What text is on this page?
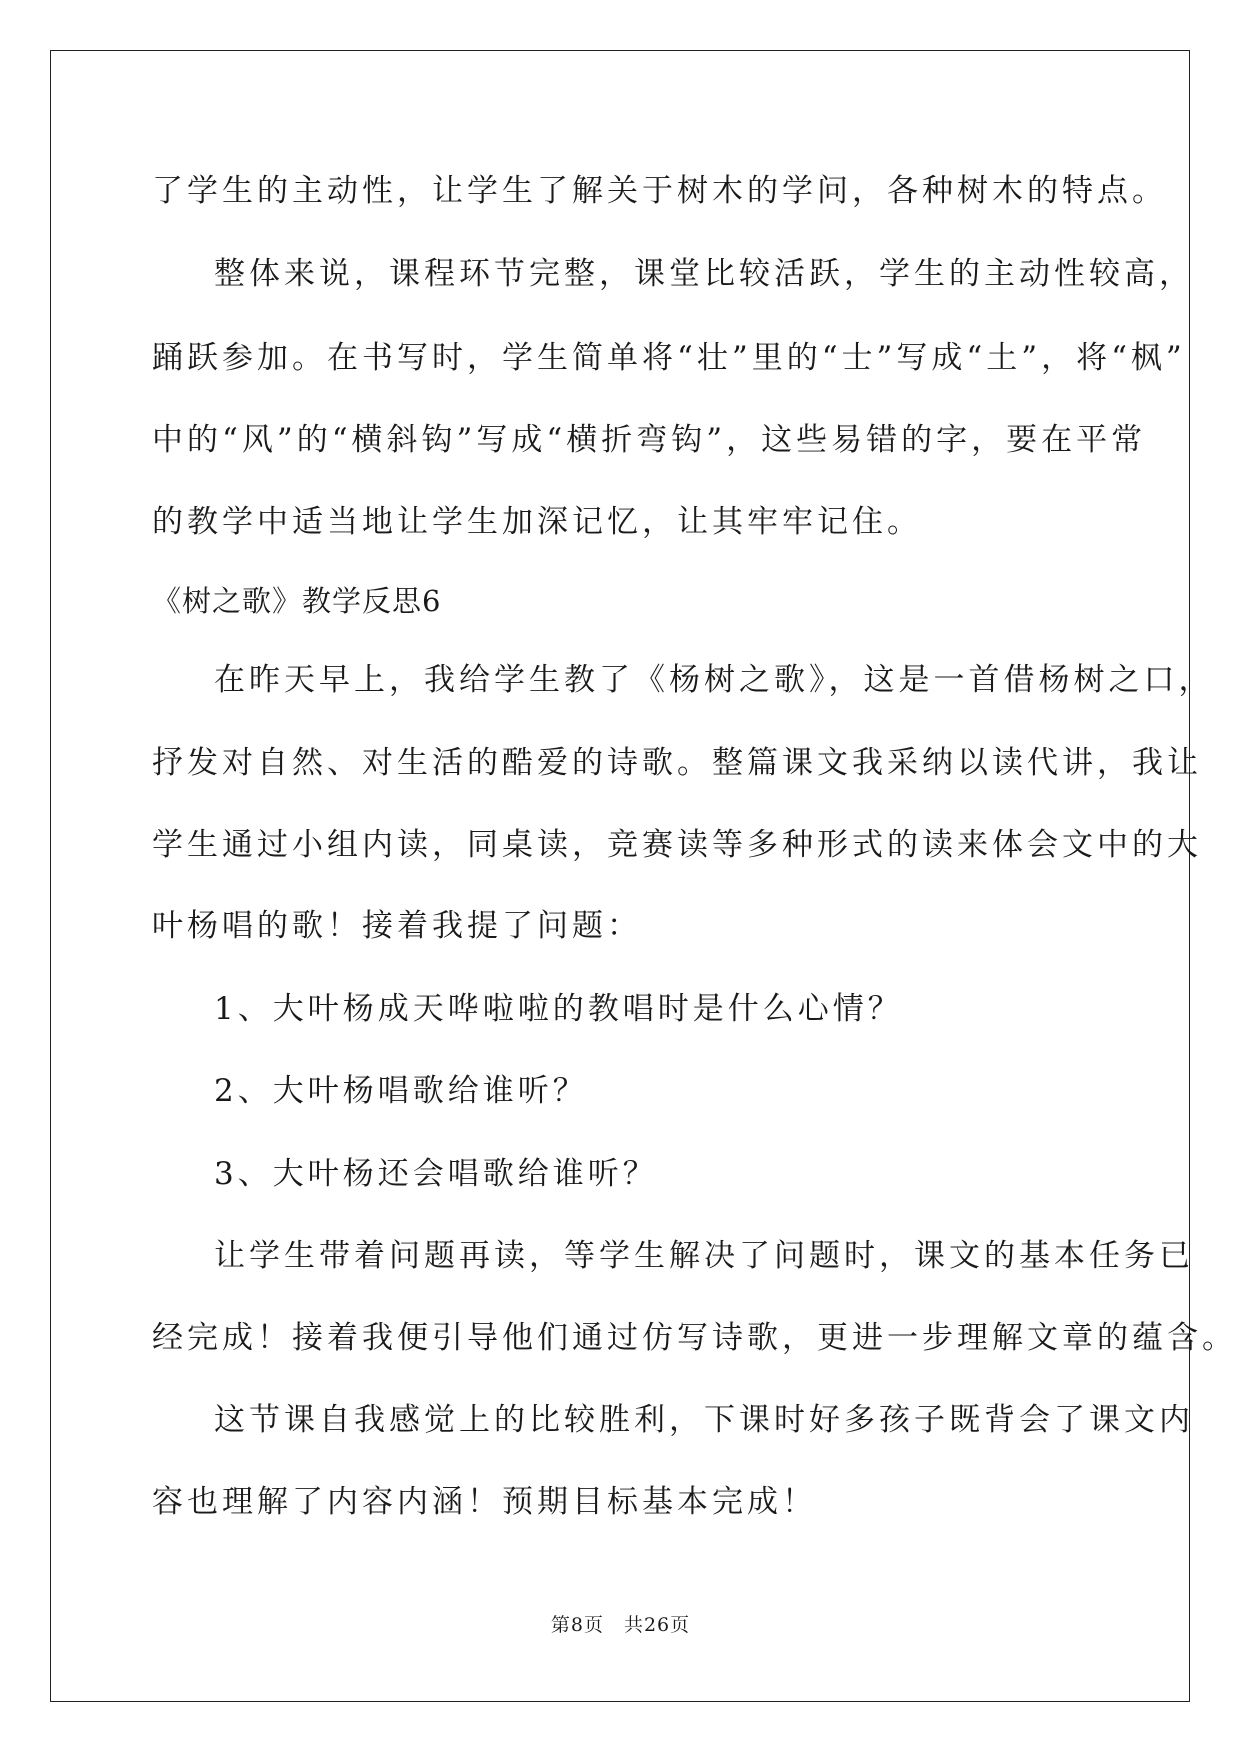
了学生的主动性，让学生了解关于树木的学问，各种树木的特点。
整体来说，课程环节完整，课堂比较活跃，学生的主动性较高，
踊跃参加。在书写时，学生简单将“壮”里的“士”写成“土”，将“枫”
中的“风”的“横斜钩”写成“横折弯钩”，这些易错的字，要在平常
的教学中适当地让学生加深记忆，让其牢牢记住。
《树之歌》教学反思6
在昨天早上，我给学生教了《杨树之歌》，这是一首借杨树之口，
抒发对自然、对生活的酷爱的诗歌。整篇课文我采纳以读代讲，我让
学生通过小组内读，同桌读，竞赛读等多种形式的读来体会文中的大
叶杨唱的歌！接着我提了问题：
1、大叶杨成天哗啦啦的教唱时是什么心情？
2、大叶杨唱歌给谁听？
3、大叶杨还会唱歌给谁听？
让学生带着问题再读，等学生解决了问题时，课文的基本任务已
经完成！接着我便引导他们通过仿写诗歌，更进一步理解文章的蕴含。
这节课自我感觉上的比较胜利，下课时好多孩子既背会了课文内
容也理解了内容内涵！预期目标基本完成！
第8页 共26页
